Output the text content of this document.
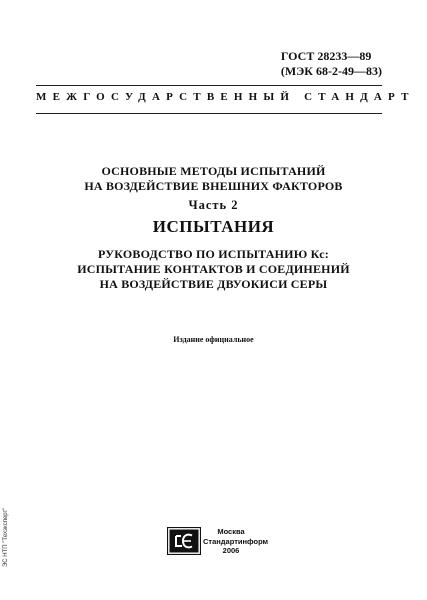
ГОСТ 28233—89
(МЭК 68-2-49—83)
МЕЖГОСУДАРСТВЕННЫЙ СТАНДАРТ
ОСНОВНЫЕ МЕТОДЫ ИСПЫТАНИЙ
НА ВОЗДЕЙСТВИЕ ВНЕШНИХ ФАКТОРОВ
Часть 2
ИСПЫТАНИЯ
РУКОВОДСТВО ПО ИСПЫТАНИЮ Кс:
ИСПЫТАНИЕ КОНТАКТОВ И СОЕДИНЕНИЙ
НА ВОЗДЕЙСТВИЕ ДВУОКИСИ СЕРЫ
Издание официальное
ЭС НТП "Техэксперт"	Москва
Стандартинформ
2006
